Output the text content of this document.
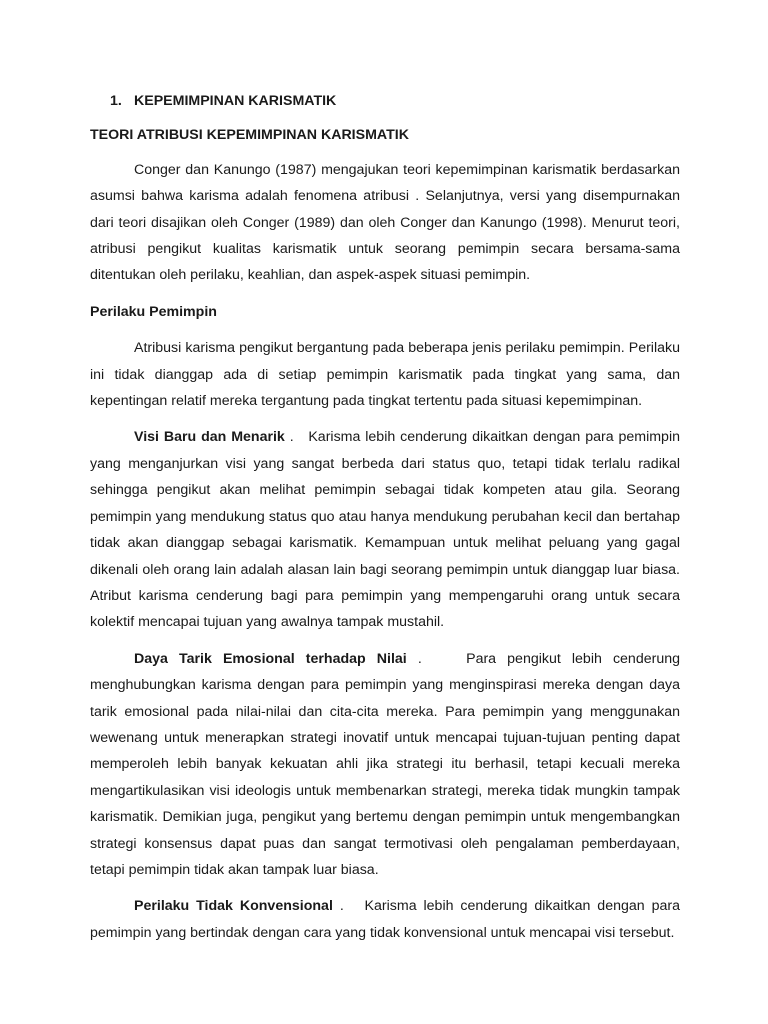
1. KEPEMIMPINAN KARISMATIK
TEORI ATRIBUSI KEPEMIMPINAN KARISMATIK

Conger dan Kanungo (1987) mengajukan teori kepemimpinan karismatik berdasarkan asumsi bahwa karisma adalah fenomena atribusi . Selanjutnya, versi yang disempurnakan dari teori disajikan oleh Conger (1989) dan oleh Conger dan Kanungo (1998). Menurut teori, atribusi pengikut kualitas karismatik untuk seorang pemimpin secara bersama-sama ditentukan oleh perilaku, keahlian, dan aspek-aspek situasi pemimpin.

Perilaku Pemimpin

Atribusi karisma pengikut bergantung pada beberapa jenis perilaku pemimpin. Perilaku ini tidak dianggap ada di setiap pemimpin karismatik pada tingkat yang sama, dan kepentingan relatif mereka tergantung pada tingkat tertentu pada situasi kepemimpinan.

Visi Baru dan Menarik .   Karisma lebih cenderung dikaitkan dengan para pemimpin yang menganjurkan visi yang sangat berbeda dari status quo, tetapi tidak terlalu radikal sehingga pengikut akan melihat pemimpin sebagai tidak kompeten atau gila. Seorang pemimpin yang mendukung status quo atau hanya mendukung perubahan kecil dan bertahap tidak akan dianggap sebagai karismatik. Kemampuan untuk melihat peluang yang gagal dikenali oleh orang lain adalah alasan lain bagi seorang pemimpin untuk dianggap luar biasa. Atribut karisma cenderung bagi para pemimpin yang mempengaruhi orang untuk secara kolektif mencapai tujuan yang awalnya tampak mustahil.

Daya Tarik Emosional terhadap Nilai .    Para pengikut lebih cenderung menghubungkan karisma dengan para pemimpin yang menginspirasi mereka dengan daya tarik emosional pada nilai-nilai dan cita-cita mereka. Para pemimpin yang menggunakan wewenang untuk menerapkan strategi inovatif untuk mencapai tujuan-tujuan penting dapat memperoleh lebih banyak kekuatan ahli jika strategi itu berhasil, tetapi kecuali mereka mengartikulasikan visi ideologis untuk membenarkan strategi, mereka tidak mungkin tampak karismatik. Demikian juga, pengikut yang bertemu dengan pemimpin untuk mengembangkan strategi konsensus dapat puas dan sangat termotivasi oleh pengalaman pemberdayaan, tetapi pemimpin tidak akan tampak luar biasa.

Perilaku Tidak Konvensional .   Karisma lebih cenderung dikaitkan dengan para pemimpin yang bertindak dengan cara yang tidak konvensional untuk mencapai visi tersebut.
